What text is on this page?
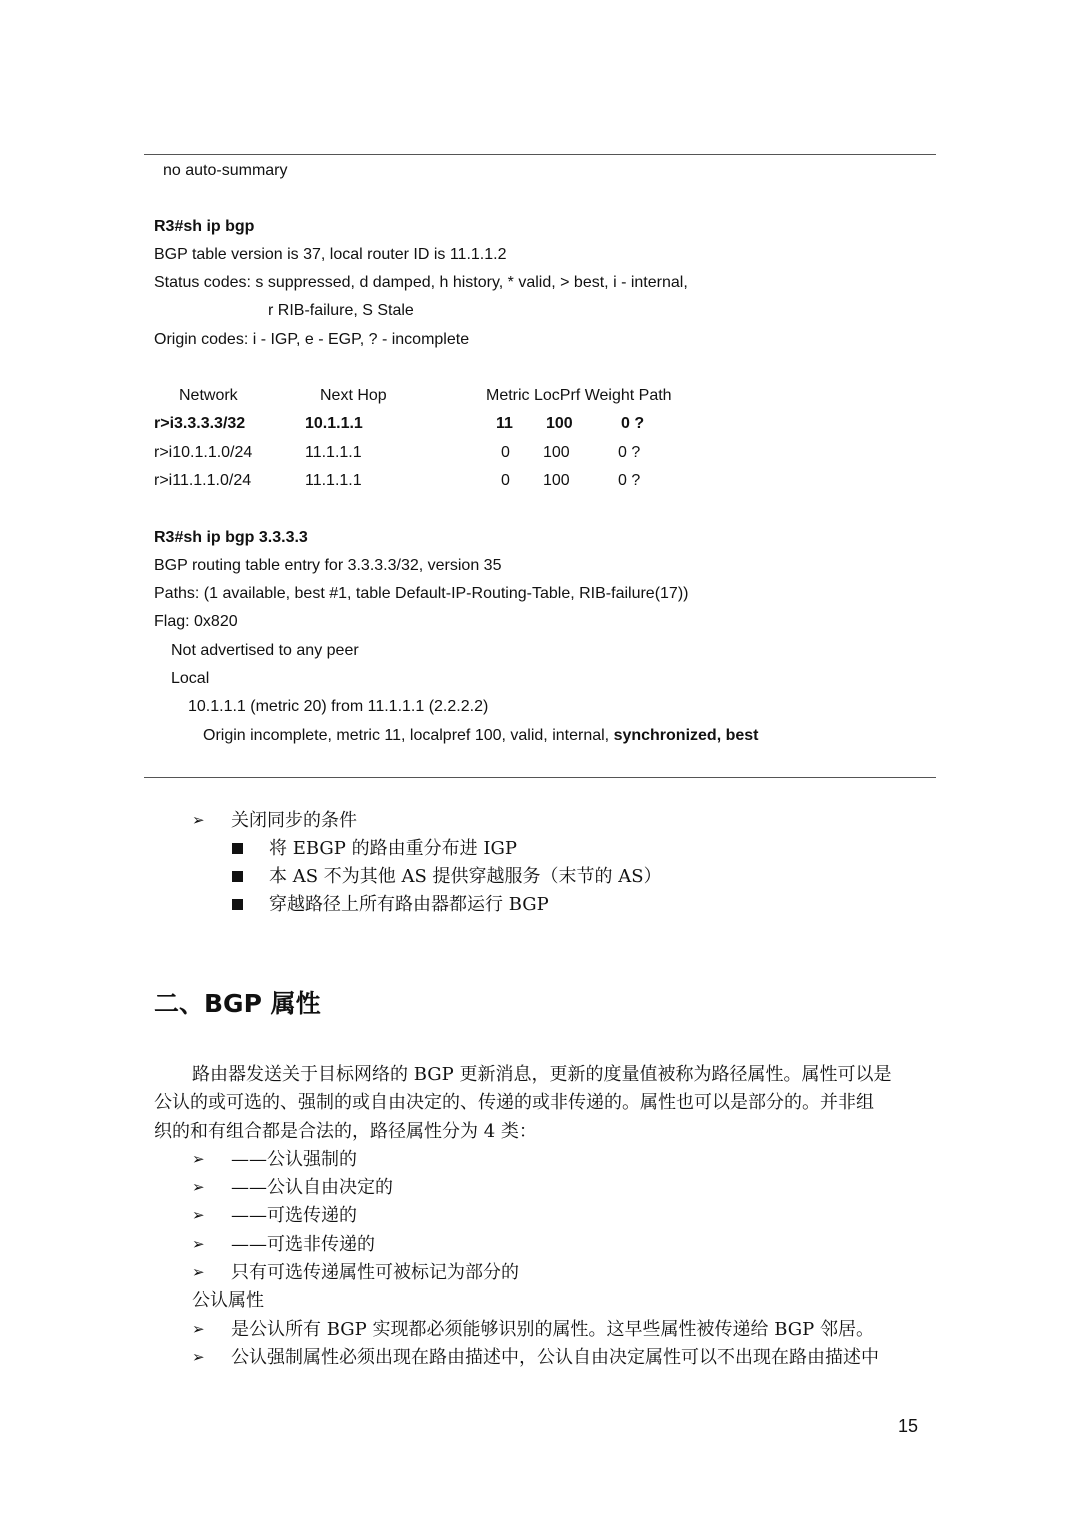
no auto-summary
R3#sh ip bgp
BGP table version is 37, local router ID is 11.1.1.2
Status codes: s suppressed, d damped, h history, * valid, > best, i - internal,
r RIB-failure, S Stale
Origin codes: i - IGP, e - EGP, ? - incomplete
Network	Next Hop	Metric LocPrf Weight Path
r>i3.3.3.3/32	10.1.1.1	11 100	0 ?
r>i10.1.1.0/24	11.1.1.1	0 100	0 ?
r>i11.1.1.0/24	11.1.1.1	0 100	0 ?
R3#sh ip bgp 3.3.3.3
BGP routing table entry for 3.3.3.3/32, version 35
Paths: (1 available, best #1, table Default-IP-Routing-Table, RIB-failure(17))
Flag: 0x820
Not advertised to any peer
Local
10.1.1.1 (metric 20) from 11.1.1.1 (2.2.2.2)
Origin incomplete, metric 11, localpref 100, valid, internal, synchronized, best
➢ 关闭同步的条件
将 EBGP 的路由重分布进 IGP
本 AS 不为其他 AS 提供穿越服务（末节的 AS）
穿越路径上所有路由器都运行 BGP
二、BGP 属性
路由器发送关于目标网络的 BGP 更新消息，更新的度量值被称为路径属性。属性可以是
公认的或可选的、强制的或自由决定的、传递的或非传递的。属性也可以是部分的。并非组
织的和有组合都是合法的，路径属性分为 4 类：
➢ ——公认强制的
➢ ——公认自由决定的
➢ ——可选传递的
➢ ——可选非传递的
➢ 只有可选传递属性可被标记为部分的
公认属性
➢ 是公认所有 BGP 实现都必须能够识别的属性。这早些属性被传递给 BGP 邻居。
➢ 公认强制属性必须出现在路由描述中，公认自由决定属性可以不出现在路由描述中
15
